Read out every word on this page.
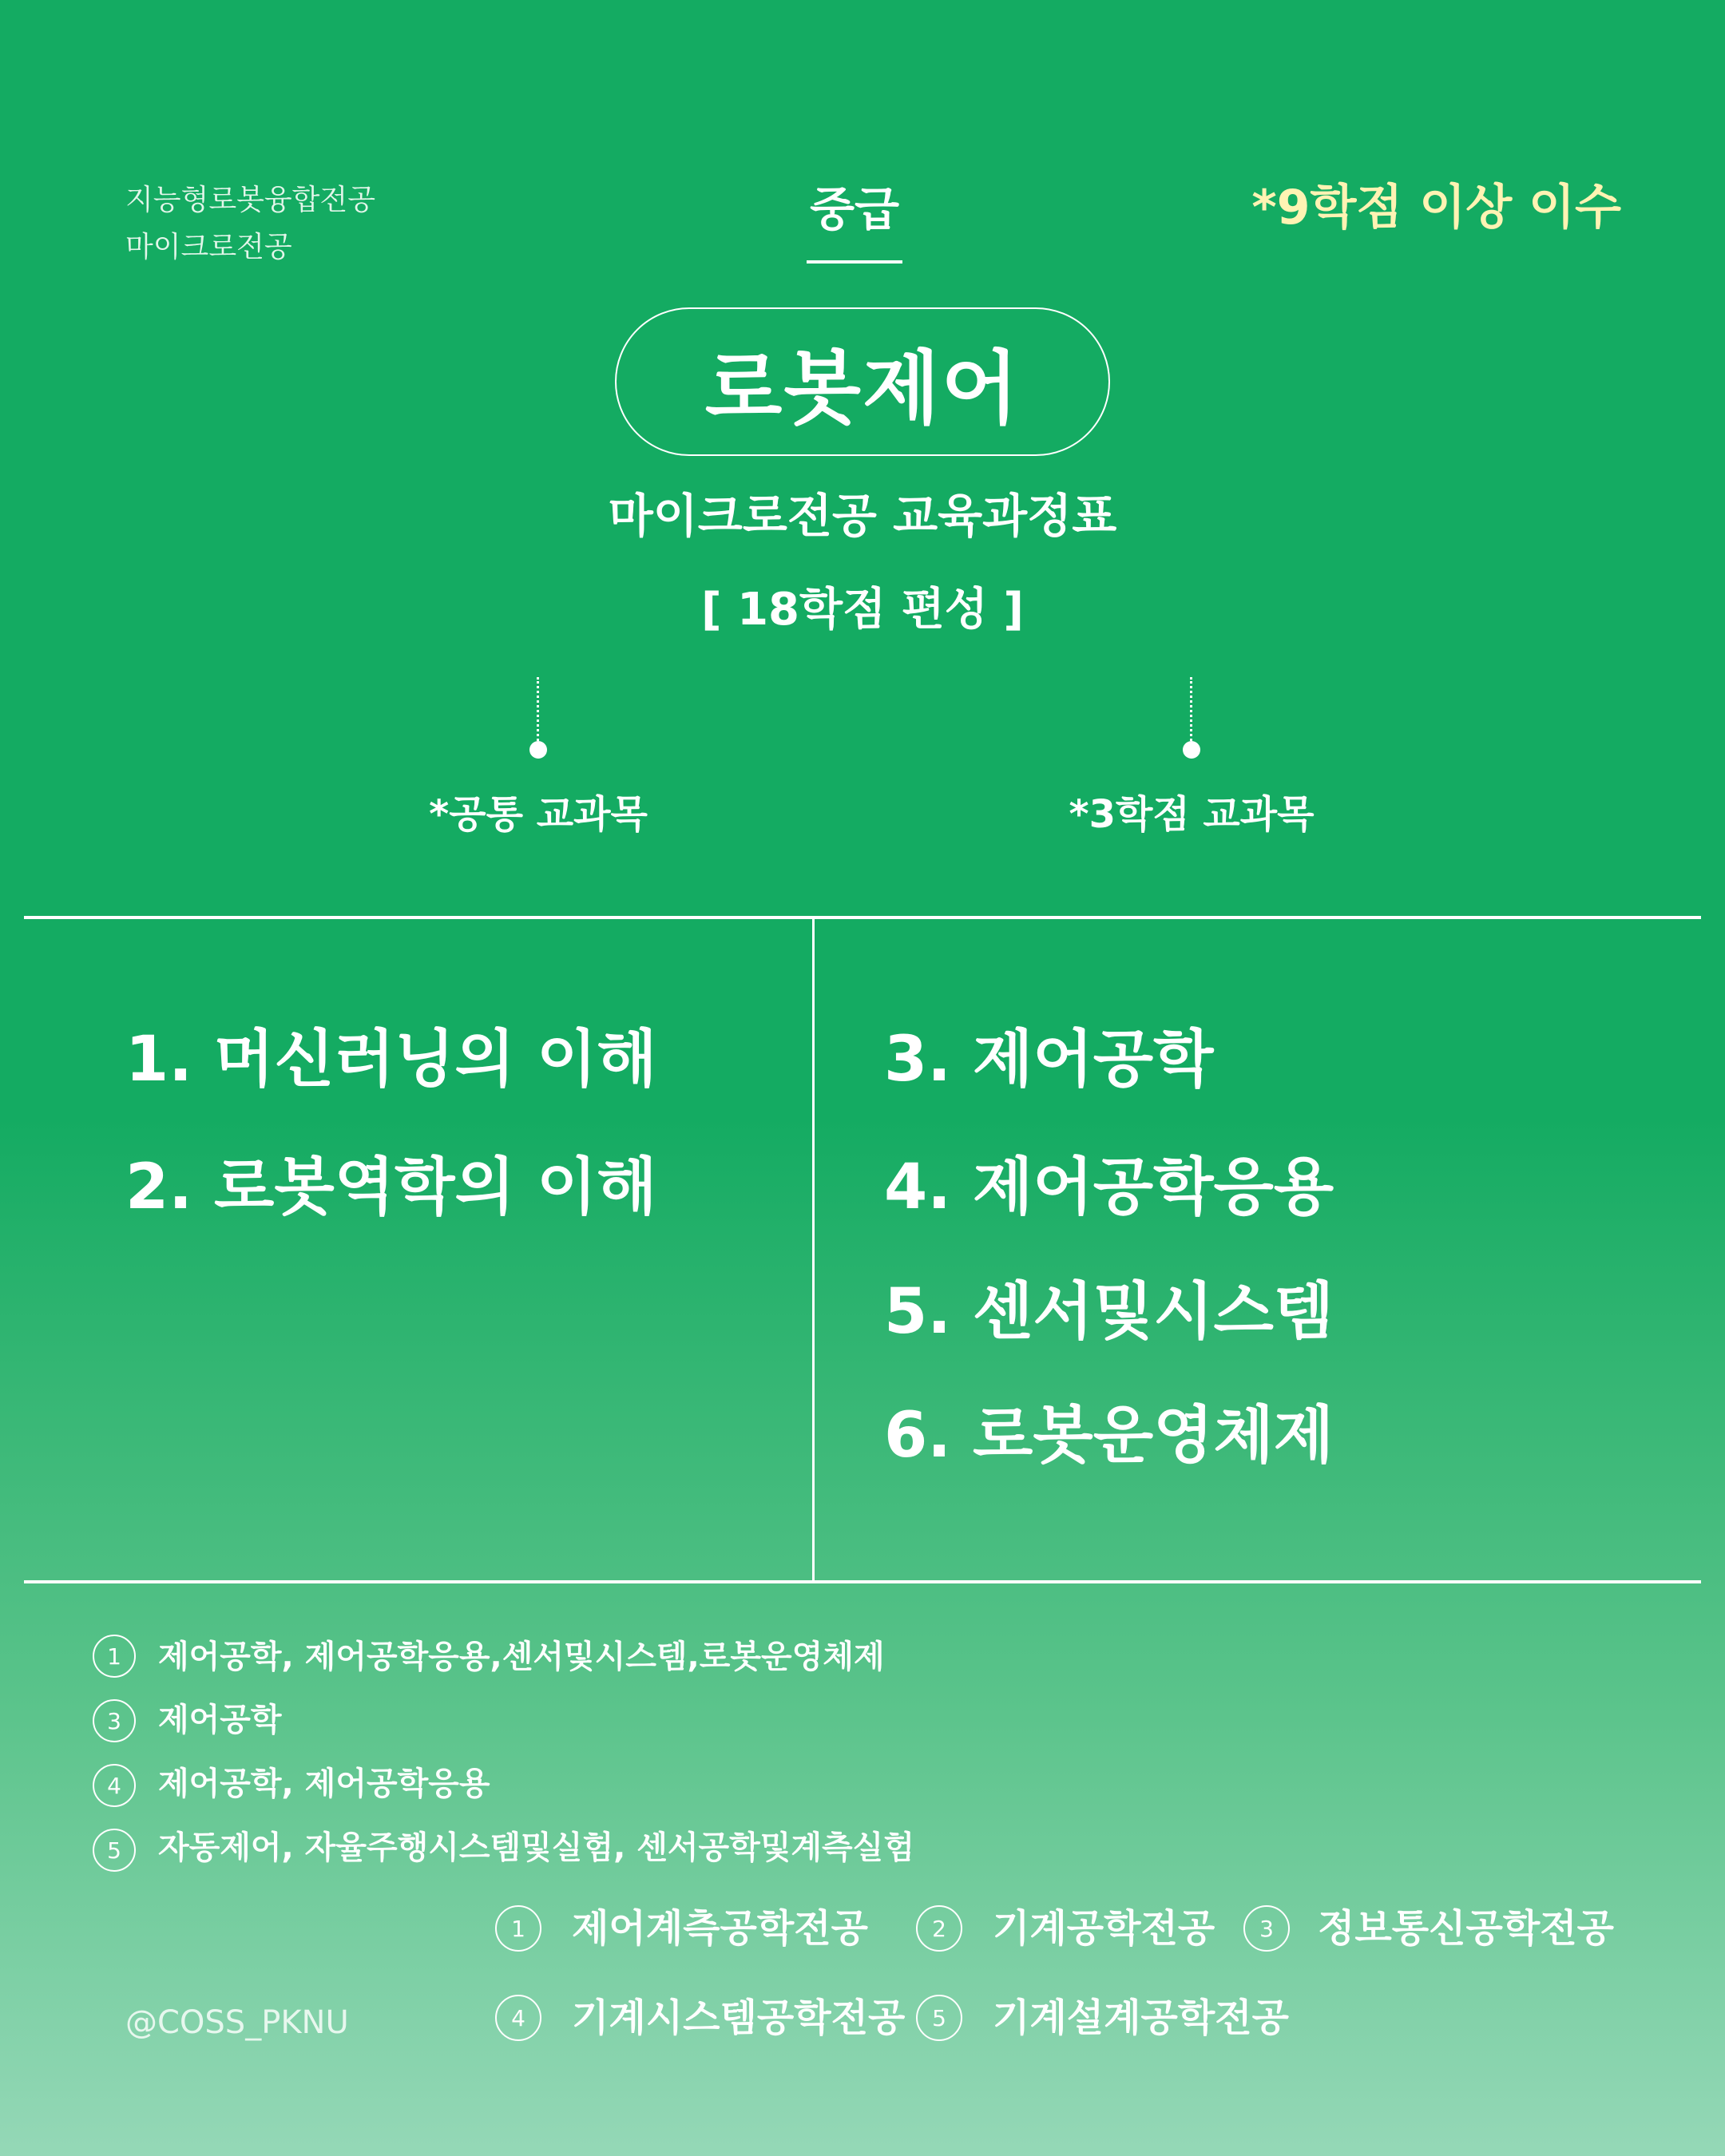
지능형로봇융합전공
마이크로전공
중급	*9학점 이상 이수
로봇제어
마이크로전공 교육과정표
[ 18학점 편성 ]
*공통 교과목	*3학점 교과목
1. 머신러닝의 이해
2. 로봇역학의 이해
3. 제어공학
4. 제어공학응용
5. 센서및시스템
6. 로봇운영체제
1	제어공학, 제어공학응용,센서및시스템,로봇운영체제
3	제어공학
4	제어공학, 제어공학응용
5	자동제어, 자율주행시스템및실험, 센서공학및계측실험
1	제어계측공학전공	2	기계공학전공	3	정보통신공학전공
4	기계시스템공학전공	5	기계설계공학전공
@COSS_PKNU
